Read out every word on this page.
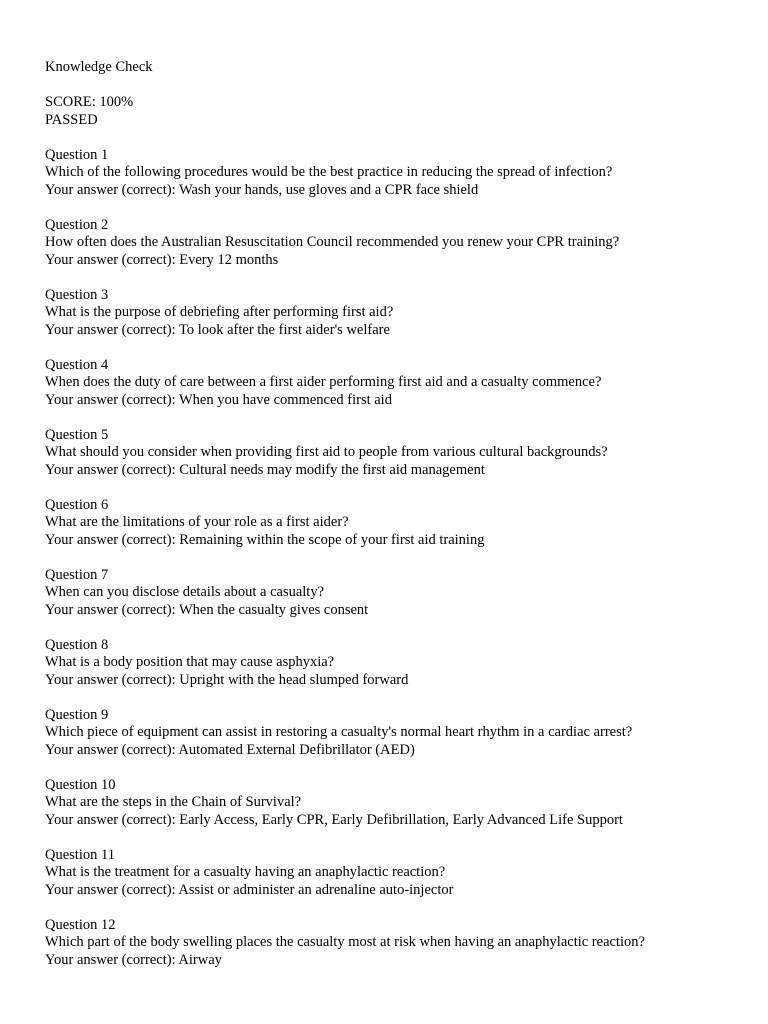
Knowledge Check
SCORE: 100%
PASSED
Question 1
Which of the following procedures would be the best practice in reducing the spread of infection?
Your answer (correct): Wash your hands, use gloves and a CPR face shield
Question 2
How often does the Australian Resuscitation Council recommended you renew your CPR training?
Your answer (correct): Every 12 months
Question 3
What is the purpose of debriefing after performing first aid?
Your answer (correct): To look after the first aider's welfare
Question 4
When does the duty of care between a first aider performing first aid and a casualty commence?
Your answer (correct): When you have commenced first aid
Question 5
What should you consider when providing first aid to people from various cultural backgrounds?
Your answer (correct): Cultural needs may modify the first aid management
Question 6
What are the limitations of your role as a first aider?
Your answer (correct): Remaining within the scope of your first aid training
Question 7
When can you disclose details about a casualty?
Your answer (correct): When the casualty gives consent
Question 8
What is a body position that may cause asphyxia?
Your answer (correct): Upright with the head slumped forward
Question 9
Which piece of equipment can assist in restoring a casualty's normal heart rhythm in a cardiac arrest?
Your answer (correct): Automated External Defibrillator (AED)
Question 10
What are the steps in the Chain of Survival?
Your answer (correct): Early Access, Early CPR, Early Defibrillation, Early Advanced Life Support
Question 11
What is the treatment for a casualty having an anaphylactic reaction?
Your answer (correct): Assist or administer an adrenaline auto-injector
Question 12
Which part of the body swelling places the casualty most at risk when having an anaphylactic reaction?
Your answer (correct): Airway
